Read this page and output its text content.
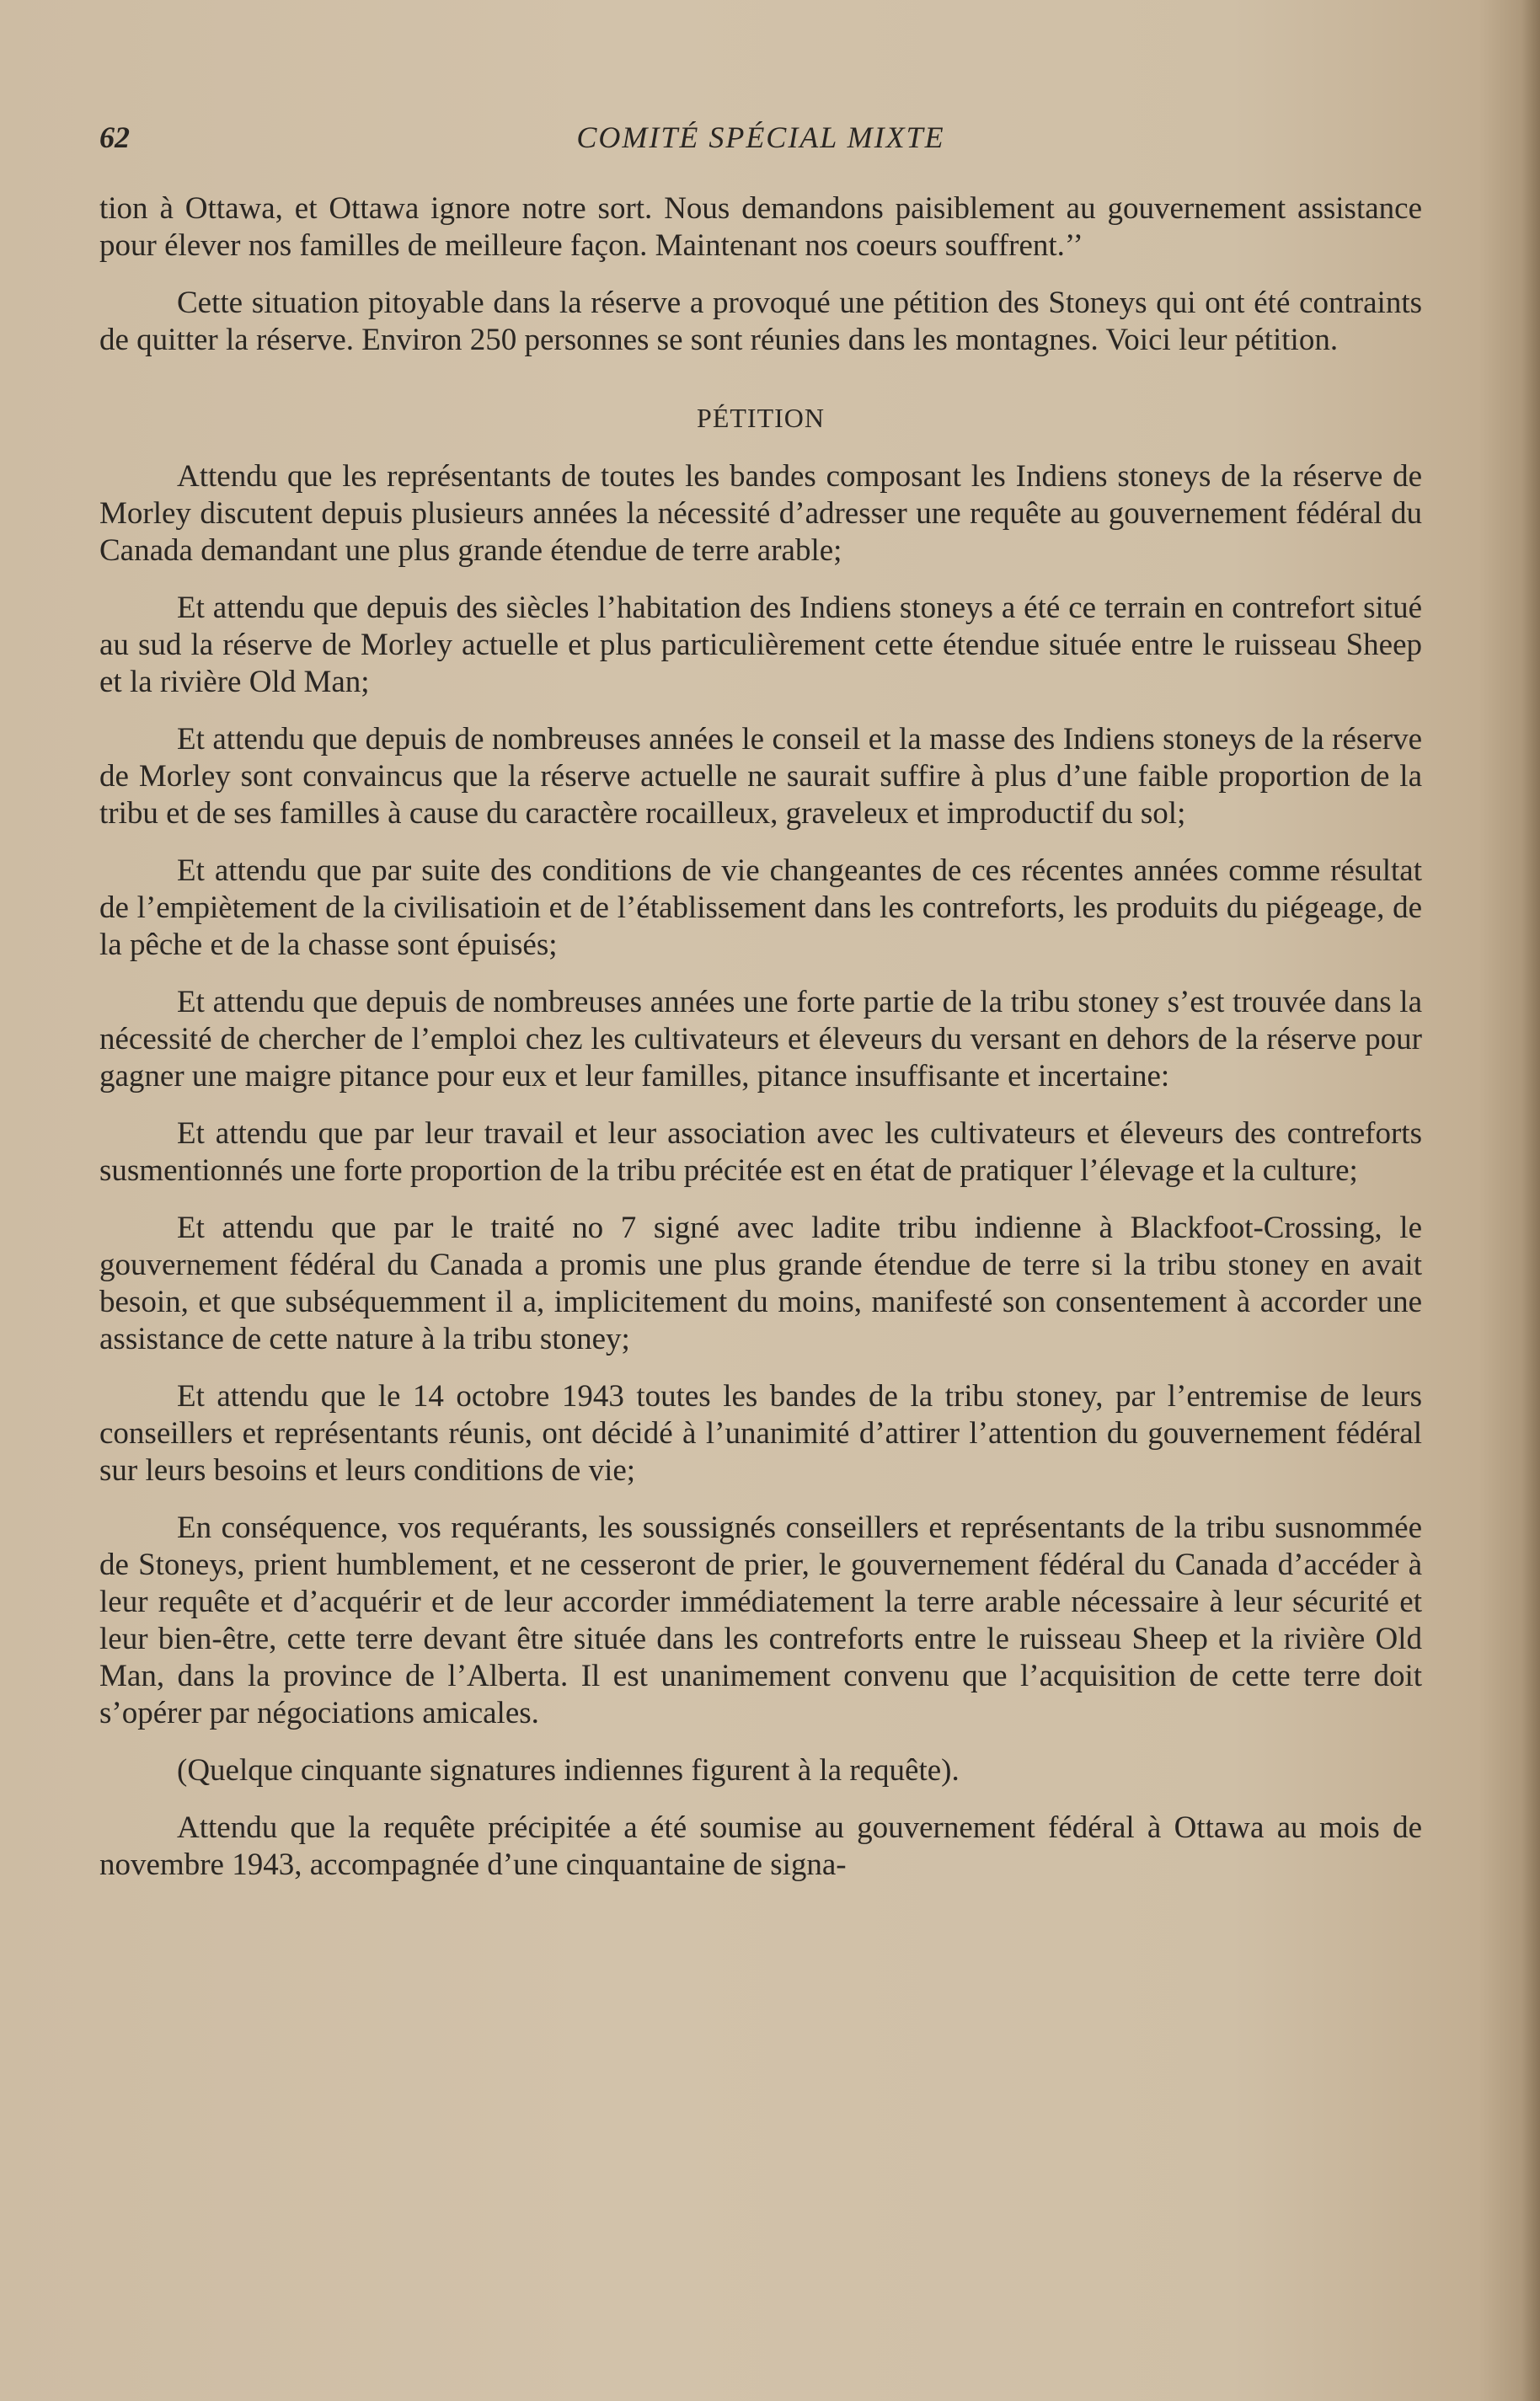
62	COMITÉ SPÉCIAL MIXTE

tion à Ottawa, et Ottawa ignore notre sort. Nous demandons paisiblement au gouvernement assistance pour élever nos familles de meilleure façon. Maintenant nos coeurs souffrent.’’

Cette situation pitoyable dans la réserve a provoqué une pétition des Stoneys qui ont été contraints de quitter la réserve. Environ 250 personnes se sont réunies dans les montagnes. Voici leur pétition.

PÉTITION

Attendu que les représentants de toutes les bandes composant les Indiens stoneys de la réserve de Morley discutent depuis plusieurs années la nécessité d’adresser une requête au gouvernement fédéral du Canada demandant une plus grande étendue de terre arable;

Et attendu que depuis des siècles l’habitation des Indiens stoneys a été ce terrain en contrefort situé au sud la réserve de Morley actuelle et plus particulièrement cette étendue située entre le ruisseau Sheep et la rivière Old Man;

Et attendu que depuis de nombreuses années le conseil et la masse des Indiens stoneys de la réserve de Morley sont convaincus que la réserve actuelle ne saurait suffire à plus d’une faible proportion de la tribu et de ses familles à cause du caractère rocailleux, graveleux et improductif du sol;

Et attendu que par suite des conditions de vie changeantes de ces récentes années comme résultat de l’empiètement de la civilisatioin et de l’établissement dans les contreforts, les produits du piégeage, de la pêche et de la chasse sont épuisés;

Et attendu que depuis de nombreuses années une forte partie de la tribu stoney s’est trouvée dans la nécessité de chercher de l’emploi chez les cultivateurs et éleveurs du versant en dehors de la réserve pour gagner une maigre pitance pour eux et leur familles, pitance insuffisante et incertaine:

Et attendu que par leur travail et leur association avec les cultivateurs et éleveurs des contreforts susmentionnés une forte proportion de la tribu précitée est en état de pratiquer l’élevage et la culture;

Et attendu que par le traité no 7 signé avec ladite tribu indienne à Blackfoot-Crossing, le gouvernement fédéral du Canada a promis une plus grande étendue de terre si la tribu stoney en avait besoin, et que subséquemment il a, implicitement du moins, manifesté son consentement à accorder une assistance de cette nature à la tribu stoney;

Et attendu que le 14 octobre 1943 toutes les bandes de la tribu stoney, par l’entremise de leurs conseillers et représentants réunis, ont décidé à l’unanimité d’attirer l’attention du gouvernement fédéral sur leurs besoins et leurs conditions de vie;

En conséquence, vos requérants, les soussignés conseillers et représentants de la tribu susnommée de Stoneys, prient humblement, et ne cesseront de prier, le gouvernement fédéral du Canada d’accéder à leur requête et d’acquérir et de leur accorder immédiatement la terre arable nécessaire à leur sécurité et leur bien-être, cette terre devant être située dans les contreforts entre le ruisseau Sheep et la rivière Old Man, dans la province de l’Alberta. Il est unanimement convenu que l’acquisition de cette terre doit s’opérer par négociations amicales.

(Quelque cinquante signatures indiennes figurent à la requête).

Attendu que la requête précipitée a été soumise au gouvernement fédéral à Ottawa au mois de novembre 1943, accompagnée d’une cinquantaine de signa-
